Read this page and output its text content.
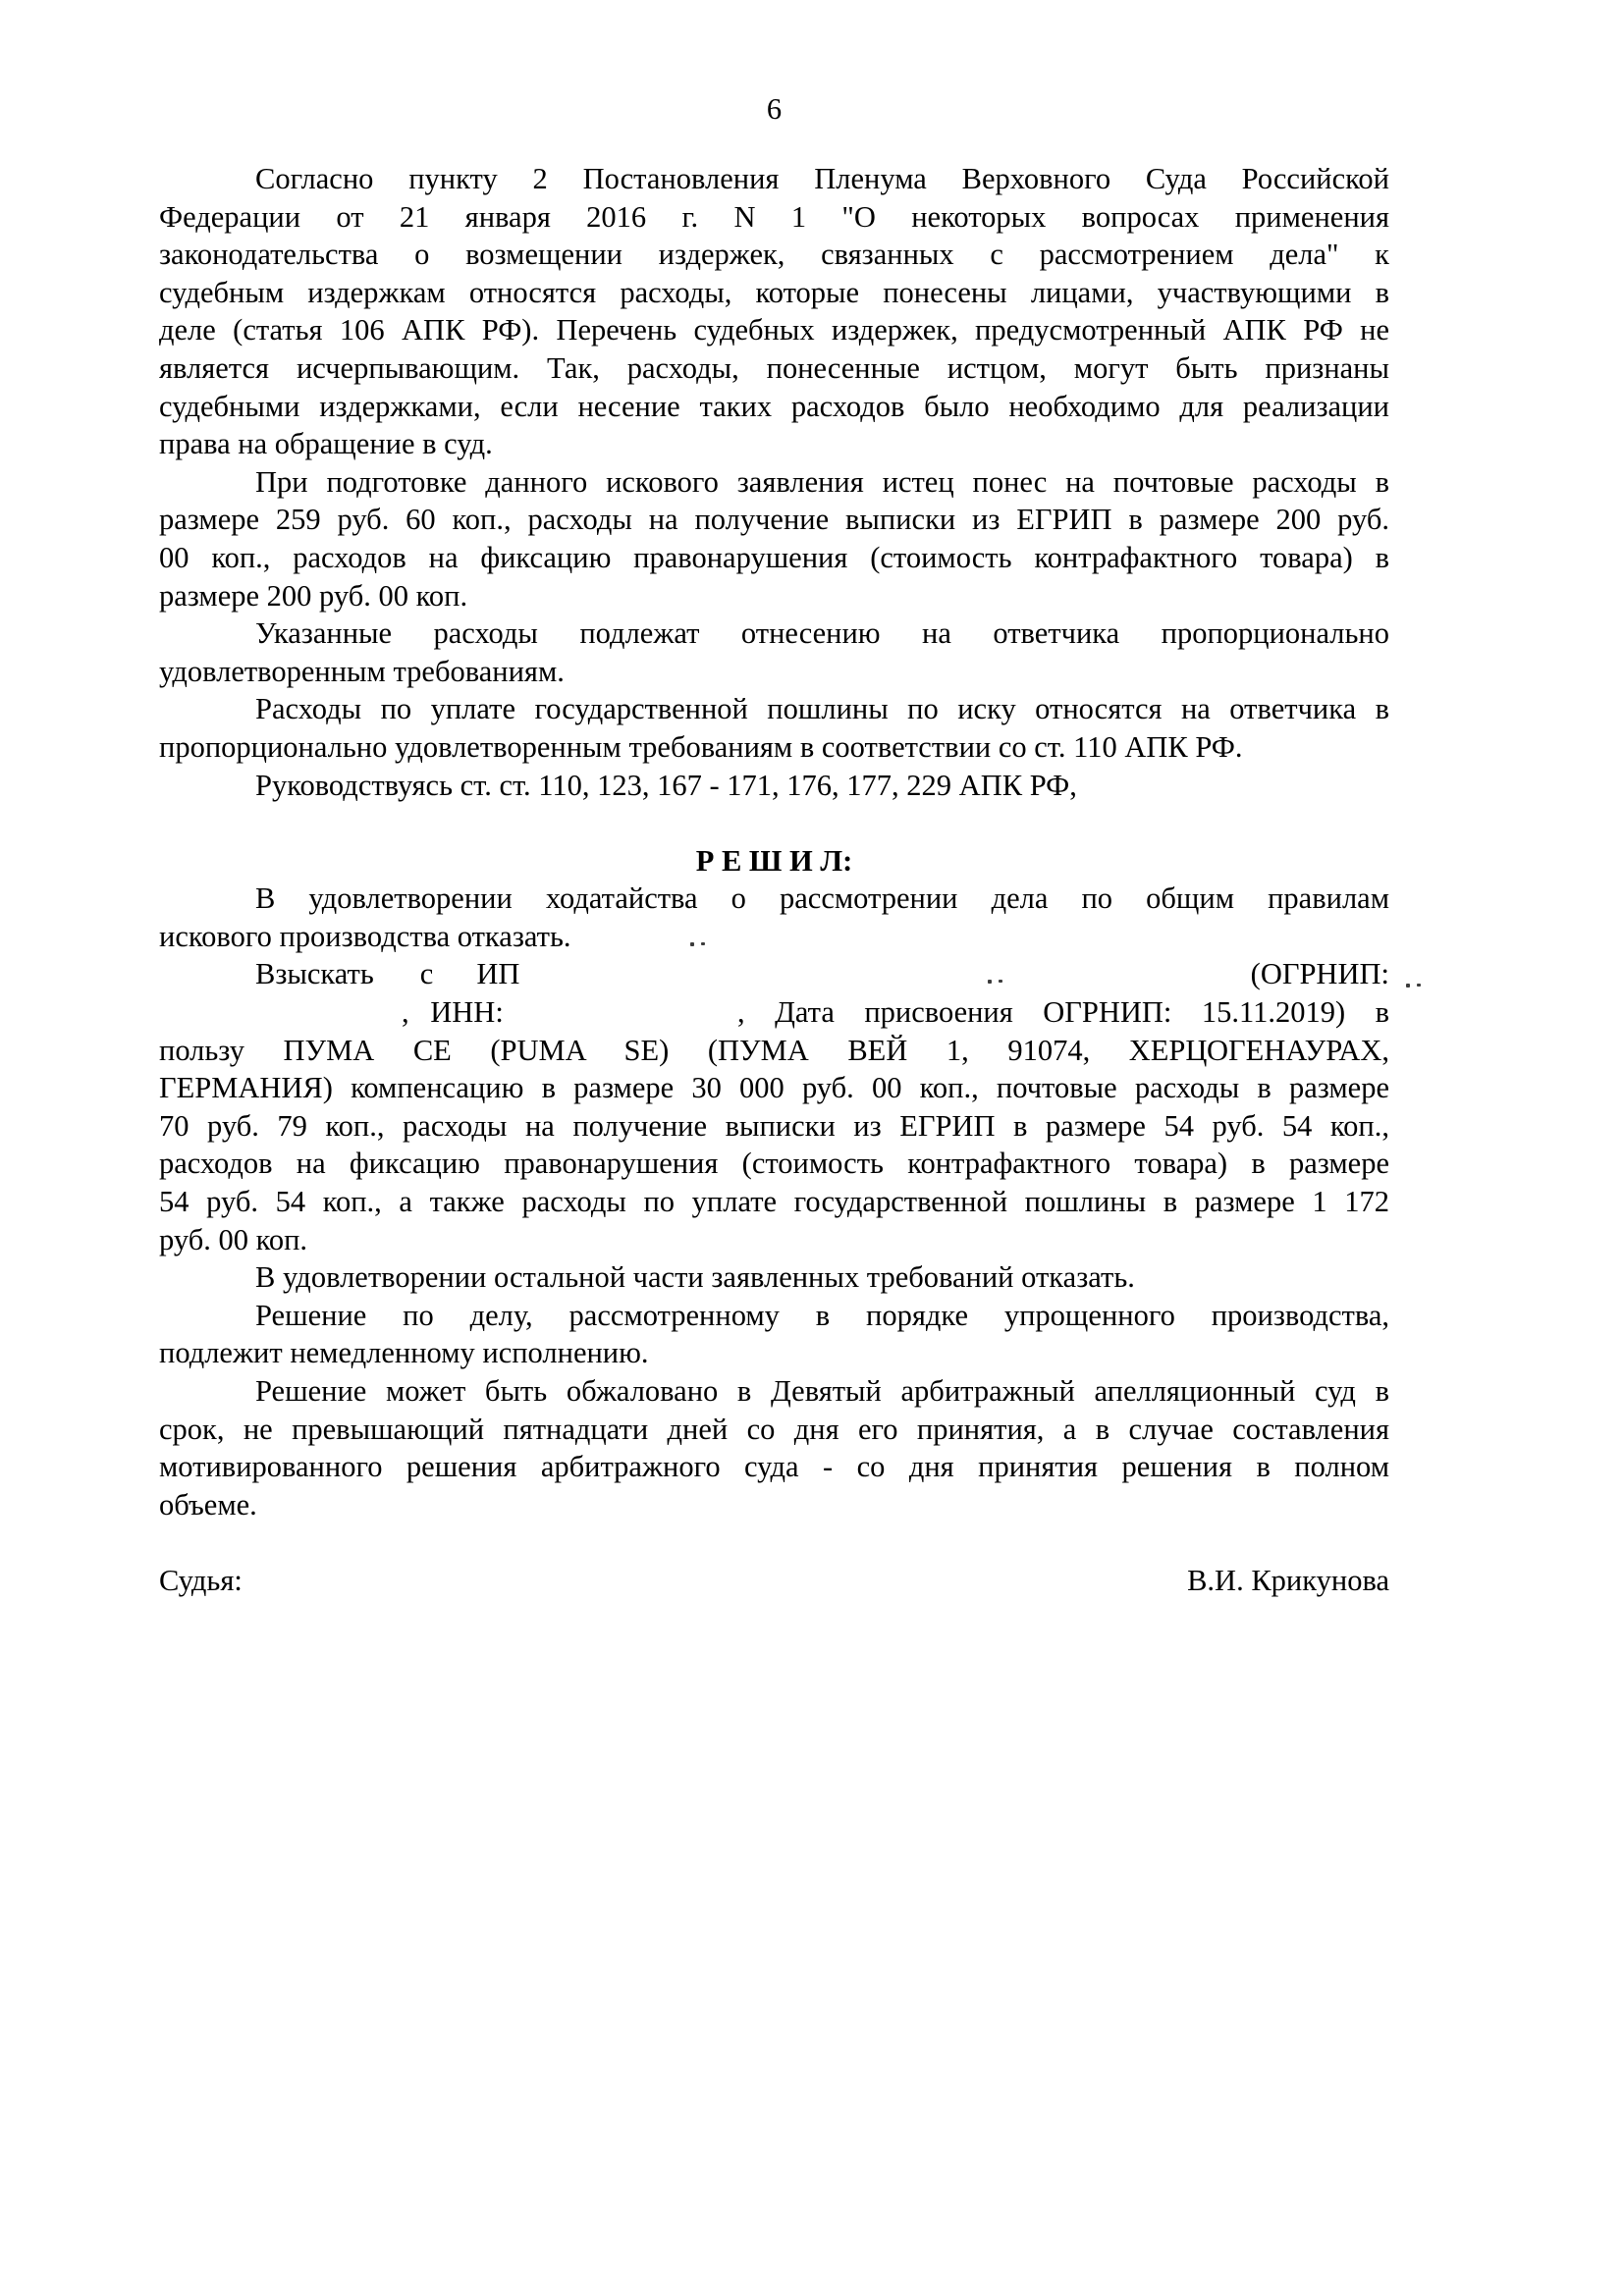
6
Согласно пункту 2 Постановления Пленума Верховного Суда Российской
Федерации от 21 января 2016 г. N 1 "О некоторых вопросах применения
законодательства о возмещении издержек, связанных с рассмотрением дела" к
судебным издержкам относятся расходы, которые понесены лицами, участвующими в
деле (статья 106 АПК РФ). Перечень судебных издержек, предусмотренный АПК РФ не
является исчерпывающим. Так, расходы, понесенные истцом, могут быть признаны
судебными издержками, если несение таких расходов было необходимо для реализации
права на обращение в суд.
При подготовке данного искового заявления истец понес на почтовые расходы в
размере 259 руб. 60 коп., расходы на получение выписки из ЕГРИП в размере 200 руб.
00 коп., расходов на фиксацию правонарушения (стоимость контрафактного товара) в
размере 200 руб. 00 коп.
Указанные расходы подлежат отнесению на ответчика пропорционально
удовлетворенным требованиям.
Расходы по уплате государственной пошлины по иску относятся на ответчика в
пропорционально удовлетворенным требованиям в соответствии со ст. 110 АПК РФ.
Руководствуясь ст. ст. 110, 123, 167 - 171, 176, 177, 229 АПК РФ,
Р Е Ш И Л:
В удовлетворении ходатайства о рассмотрении дела по общим правилам
искового производства отказать.
Взыскать с ИП	(ОГРНИП:
, ИНН:	, Дата присвоения ОГРНИП: 15.11.2019) в
пользу ПУМА СЕ (PUMA SE) (ПУМА ВЕЙ 1, 91074, ХЕРЦОГЕНАУРАХ,
ГЕРМАНИЯ) компенсацию в размере 30 000 руб. 00 коп., почтовые расходы в размере
70 руб. 79 коп., расходы на получение выписки из ЕГРИП в размере 54 руб. 54 коп.,
расходов на фиксацию правонарушения (стоимость контрафактного товара) в размере
54 руб. 54 коп., а также расходы по уплате государственной пошлины в размере 1 172
руб. 00 коп.
В удовлетворении остальной части заявленных требований отказать.
Решение по делу, рассмотренному в порядке упрощенного производства,
подлежит немедленному исполнению.
Решение может быть обжаловано в Девятый арбитражный апелляционный суд в
срок, не превышающий пятнадцати дней со дня его принятия, а в случае составления
мотивированного решения арбитражного суда - со дня принятия решения в полном
объеме.
Судья:	В.И. Крикунова
